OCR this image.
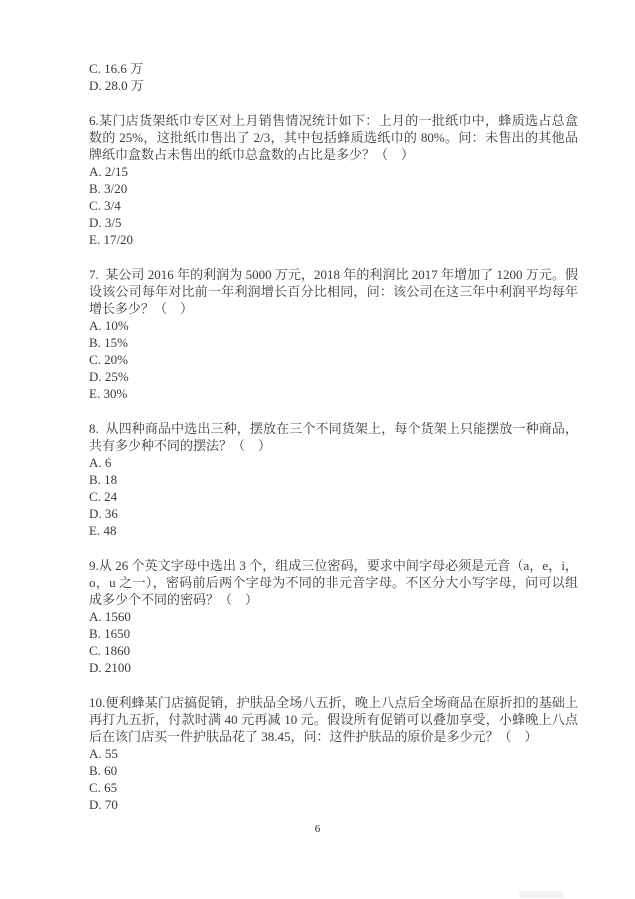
C. 16.6 万
D. 28.0 万

6.某门店货架纸巾专区对上月销售情况统计如下：上月的一批纸巾中，蜂质选占总盒数的 25%，这批纸巾售出了 2/3，其中包括蜂质选纸巾的 80%。问：未售出的其他品牌纸巾盒数占未售出的纸巾总盒数的占比是多少？（　）

A. 2/15
B. 3/20
C. 3/4
D. 3/5
E. 17/20

7.  某公司 2016 年的利润为 5000 万元，2018 年的利润比 2017 年增加了 1200 万元。假设该公司每年对比前一年利润增长百分比相同，问：该公司在这三年中利润平均每年增长多少？（　）

A. 10%
B. 15%
C. 20%
D. 25%
E. 30%

8.  从四种商品中选出三种，摆放在三个不同货架上，每个货架上只能摆放一种商品，共有多少种不同的摆法？（　）

A. 6
B. 18
C. 24
D. 36
E. 48

9.从 26 个英文字母中选出 3 个，组成三位密码，要求中间字母必须是元音（a，e，i，o，u 之一），密码前后两个字母为不同的非元音字母。不区分大小写字母，问可以组成多少个不同的密码？（　）

A. 1560
B. 1650
C. 1860
D. 2100

10.便利蜂某门店搞促销，护肤品全场八五折，晚上八点后全场商品在原折扣的基础上再打九五折，付款时满 40 元再减 10 元。假设所有促销可以叠加享受，小蜂晚上八点后在该门店买一件护肤品花了 38.45，问：这件护肤品的原价是多少元？（　）

A. 55
B. 60
C. 65
D. 70
6
